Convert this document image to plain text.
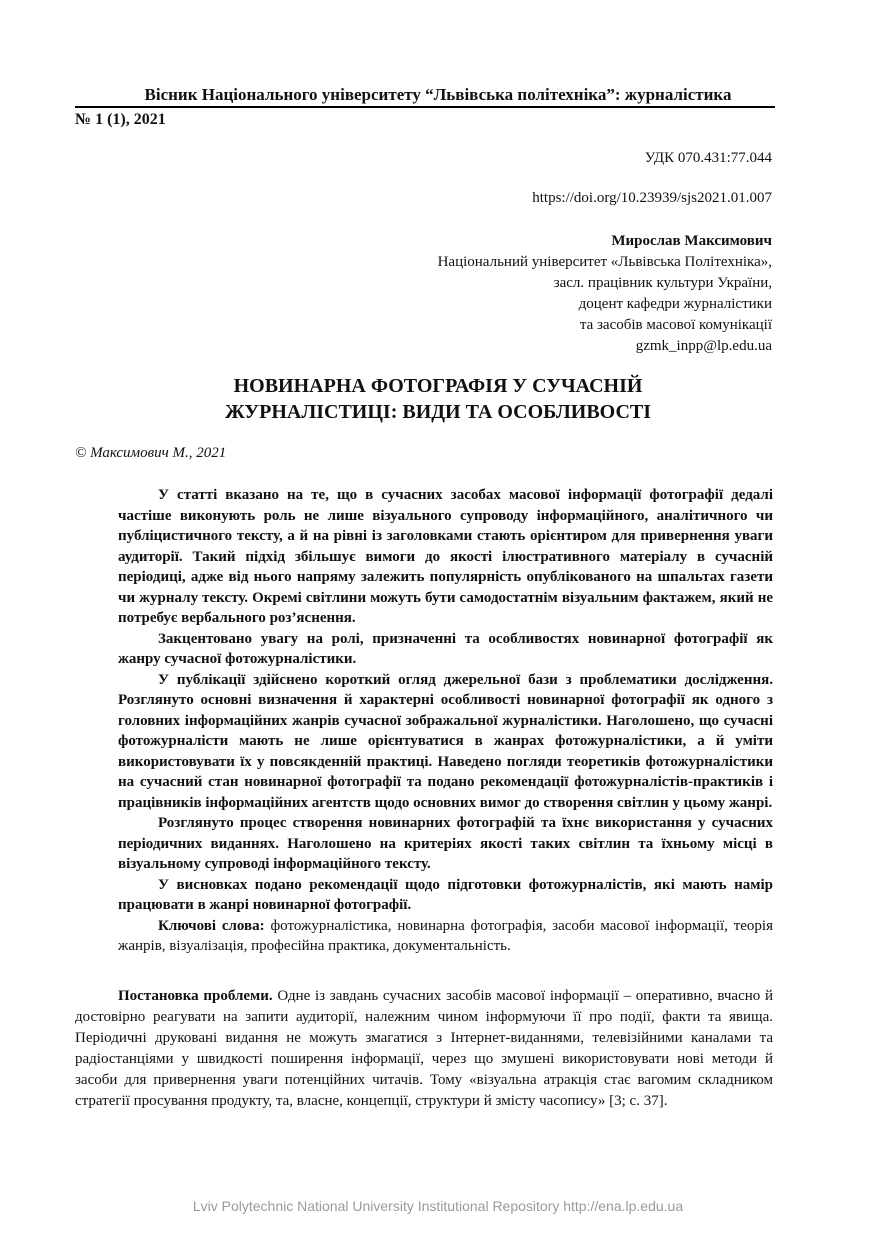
Вісник Національного університету “Львівська політехніка”: журналістика
№ 1 (1), 2021
УДК 070.431:77.044
https://doi.org/10.23939/sjs2021.01.007
Мирослав Максимович
Національний університет «Львівська Політехніка»,
засл. працівник культури України,
доцент кафедри журналістики
та засобів масової комунікації
gzmk_inpp@lp.edu.ua
НОВИНАРНА ФОТОГРАФІЯ У СУЧАСНІЙ
ЖУРНАЛІСТИЦІ: ВИДИ ТА ОСОБЛИВОСТІ
© Максимович М., 2021

У статті вказано на те, що в сучасних засобах масової інформації фотографії дедалі частіше виконують роль не лише візуального супроводу інформаційного, аналітичного чи публіцистичного тексту, а й на рівні із заголовками стають орієнтиром для привернення уваги аудиторії. Такий підхід збільшує вимоги до якості ілюстративного матеріалу в сучасній періодиці, адже від нього напряму залежить популярність опублікованого на шпальтах газети чи журналу тексту. Окремі світлини можуть бути самодостатнім візуальним фактажем, який не потребує вербального роз’яснення.

Закцентовано увагу на ролі, призначенні та особливостях новинарної фотографії як жанру сучасної фотожурналістики.

У публікації здійснено короткий огляд джерельної бази з проблематики дослідження. Розглянуто основні визначення й характерні особливості новинарної фотографії як одного з головних інформаційних жанрів сучасної зображальної журналістики. Наголошено, що сучасні фотожурналісти мають не лише орієнтуватися в жанрах фотожурналістики, а й уміти використовувати їх у повсякденній практиці. Наведено погляди теоретиків фотожурналістики на сучасний стан новинарної фотографії та подано рекомендації фотожурналістів-практиків і працівників інформаційних агентств щодо основних вимог до створення світлин у цьому жанрі.

Розглянуто процес створення новинарних фотографій та їхнє використання у сучасних періодичних виданнях. Наголошено на критеріях якості таких світлин та їхньому місці в візуальному супроводі інформаційного тексту.

У висновках подано рекомендації щодо підготовки фотожурналістів, які мають намір працювати в жанрі новинарної фотографії.

Ключові слова: фотожурналістика, новинарна фотографія, засоби масової інформації, теорія жанрів, візуалізація, професійна практика, документальність.

Постановка проблеми. Одне із завдань сучасних засобів масової інформації – оперативно, вчасно й достовірно реагувати на запити аудиторії, належним чином інформуючи її про події, факти та явища. Періодичні друковані видання не можуть змагатися з Інтернет-виданнями, телевізійними каналами та радіостанціями у швидкості поширення інформації, через що змушені використовувати нові методи й засоби для привернення уваги потенційних читачів. Тому «візуальна атракція стає вагомим складником стратегії просування продукту, та, власне, концепції, структури й змісту часопису» [3; с. 37].
Lviv Polytechnic National University Institutional Repository http://ena.lp.edu.ua
